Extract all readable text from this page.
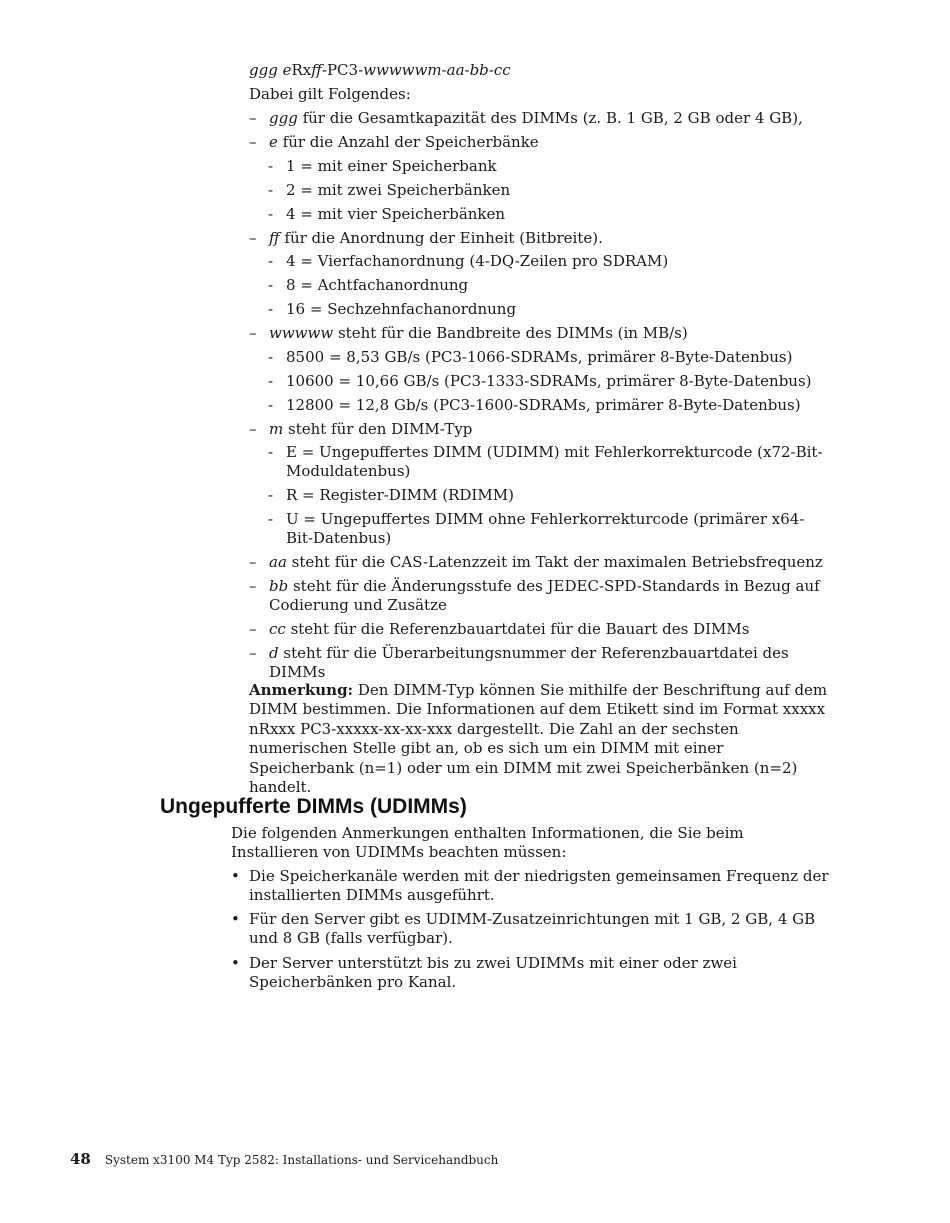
ggg eRxff-PC3-wwwwwm-aa-bb-cc
Dabei gilt Folgendes:
– ggg für die Gesamtkapazität des DIMMs (z. B. 1 GB, 2 GB oder 4 GB),
– e für die Anzahl der Speicherbänke
- 1 = mit einer Speicherbank
- 2 = mit zwei Speicherbänken
- 4 = mit vier Speicherbänken
– ff für die Anordnung der Einheit (Bitbreite).
- 4 = Vierfachanordnung (4-DQ-Zeilen pro SDRAM)
- 8 = Achtfachanordnung
- 16 = Sechzehnfachanordnung
– wwwww steht für die Bandbreite des DIMMs (in MB/s)
- 8500 = 8,53 GB/s (PC3-1066-SDRAMs, primärer 8-Byte-Datenbus)
- 10600 = 10,66 GB/s (PC3-1333-SDRAMs, primärer 8-Byte-Datenbus)
- 12800 = 12,8 Gb/s (PC3-1600-SDRAMs, primärer 8-Byte-Datenbus)
– m steht für den DIMM-Typ
- E = Ungepuffertes DIMM (UDIMM) mit Fehlerkorrekturcode (x72-Bit-Moduldatenbus)
- R = Register-DIMM (RDIMM)
- U = Ungepuffertes DIMM ohne Fehlerkorrekturcode (primärer x64-Bit-Datenbus)
– aa steht für die CAS-Latenzzeit im Takt der maximalen Betriebsfrequenz
– bb steht für die Änderungsstufe des JEDEC-SPD-Standards in Bezug auf Codierung und Zusätze
– cc steht für die Referenzbauartdatei für die Bauart des DIMMs
– d steht für die Überarbeitungsnummer der Referenzbauartdatei des DIMMs
Anmerkung: Den DIMM-Typ können Sie mithilfe der Beschriftung auf dem DIMM bestimmen. Die Informationen auf dem Etikett sind im Format xxxxx nRxxx PC3-xxxxx-xx-xx-xxx dargestellt. Die Zahl an der sechsten numerischen Stelle gibt an, ob es sich um ein DIMM mit einer Speicherbank (n=1) oder um ein DIMM mit zwei Speicherbänken (n=2) handelt.
Ungepufferte DIMMs (UDIMMs)
Die folgenden Anmerkungen enthalten Informationen, die Sie beim Installieren von UDIMMs beachten müssen:
• Die Speicherkanäle werden mit der niedrigsten gemeinsamen Frequenz der installierten DIMMs ausgeführt.
• Für den Server gibt es UDIMM-Zusatzeinrichtungen mit 1 GB, 2 GB, 4 GB und 8 GB (falls verfügbar).
• Der Server unterstützt bis zu zwei UDIMMs mit einer oder zwei Speicherbänken pro Kanal.
48 System x3100 M4 Typ 2582: Installations- und Servicehandbuch
